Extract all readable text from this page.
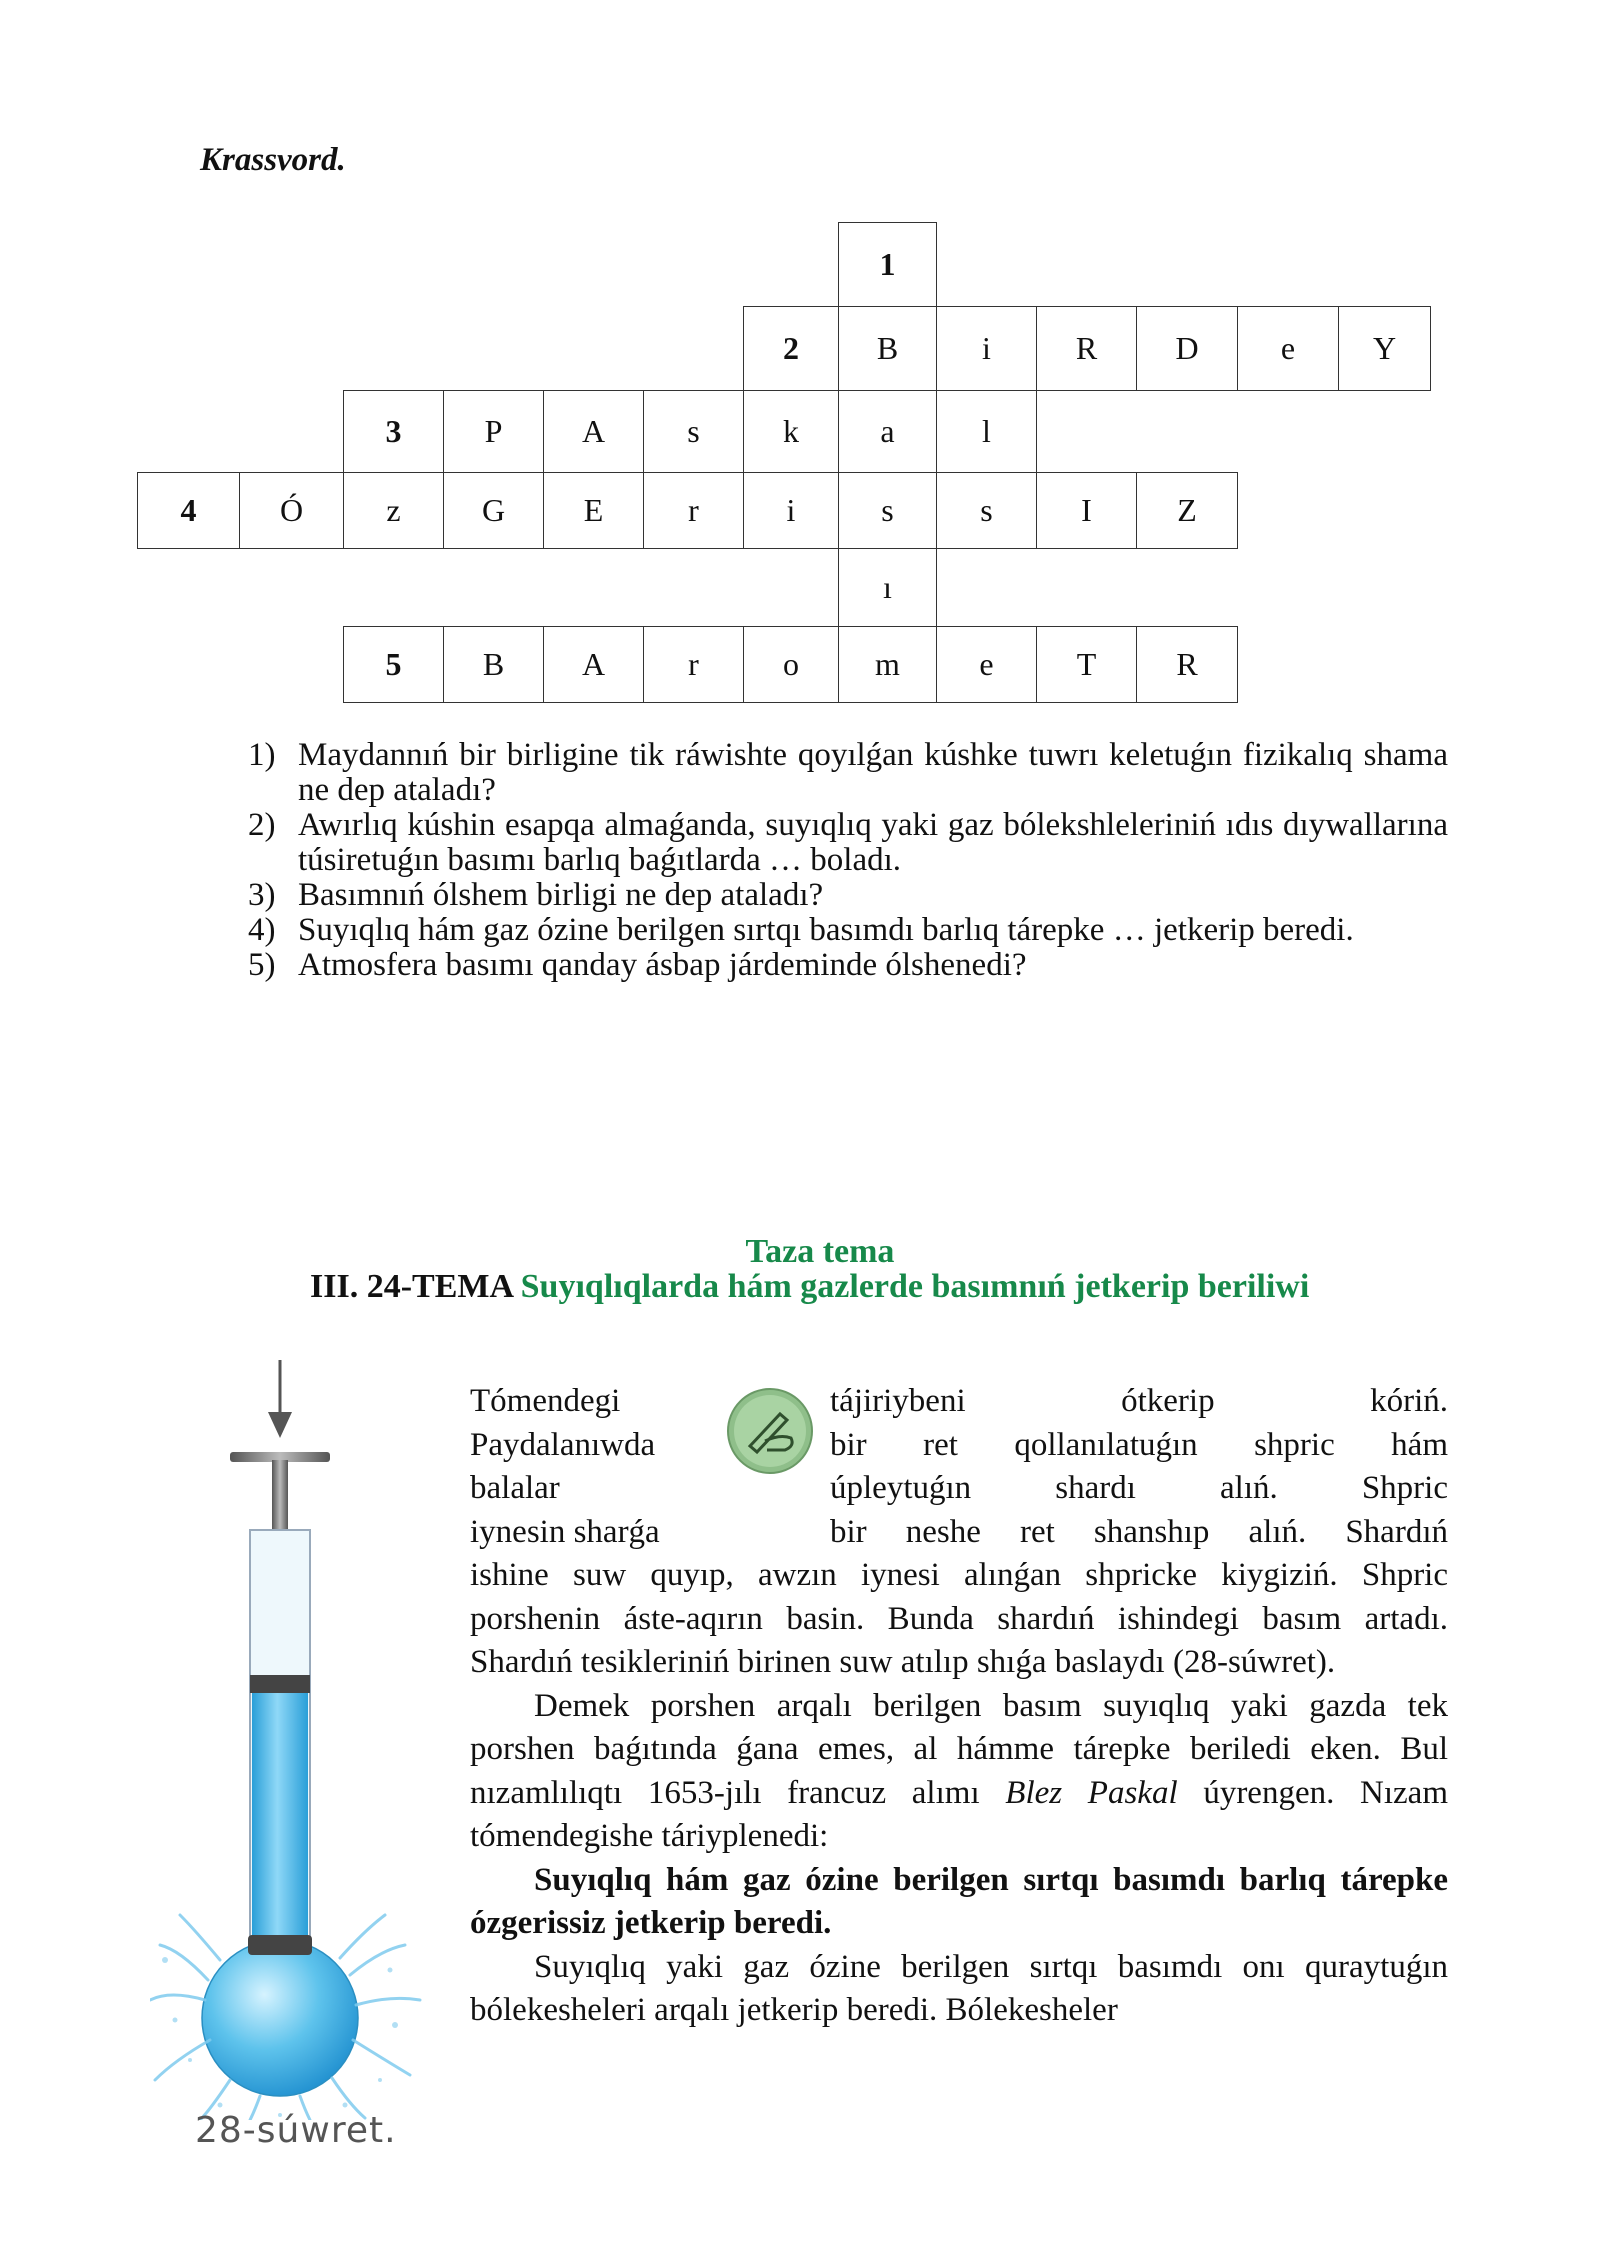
Krassvord.
1
2	B	i	R	D	e	Y
3	P	A	s	k	a	l
4	Ó	z	G	E	r	i	s	s	I	Z
ı
5	B	A	r	o	m	e	T	R
1) Maydannıń bir birligine tik ráwishte qoyılǵan kúshke tuwrı keletuǵın fizikalıq shama ne dep ataladı?
2) Awırlıq kúshin esapqa almaǵanda, suyıqlıq yaki gaz bólekshleleriniń ıdıs dıywallarına túsiretuǵın basımı barlıq baǵıtlarda … boladı.
3) Basımnıń ólshem birligi ne dep ataladı?
4) Suyıqlıq hám gaz ózine berilgen sırtqı basımdı barlıq tárepke … jetkerip beredi.
5) Atmosfera basımı qanday ásbap járdeminde ólshenedi?
Taza tema
III. 24-TEMA Suyıqlıqlarda hám gazlerde basımnıń jetkerip beriliwi
28-súwret.
Tómendegi
Paydalanıwda
balalar
iynesin sharǵa
tájiriybeni ótkerip kóriń.
bir ret qollanılatuǵın shpric hám
úpleytuǵın shardı alıń. Shpric
bir neshe ret shanshıp alıń. Shardıń

ishine suw quyıp, awzın iynesi alınǵan shpricke kiygiziń. Shpric porshenin áste-aqırın basin. Bunda shardıń ishindegi basım artadı. Shardıń tesikleriniń birinen suw atılıp shıǵa baslaydı (28-súwret).

Demek porshen arqalı berilgen basım suyıqlıq yaki gazda tek porshen baǵıtında ǵana emes, al hámme tárepke beriledi eken. Bul nızamlılıqtı 1653-jılı francuz alımı Blez Paskal úyrengen. Nızam tómendegishe táriyplenedi:

Suyıqlıq hám gaz ózine berilgen sırtqı basımdı barlıq tárepke ózgerissiz jetkerip beredi.

Suyıqlıq yaki gaz ózine berilgen sırtqı basımdı onı quraytuǵın bólekesheleri arqalı jetkerip beredi. Bólekesheler
